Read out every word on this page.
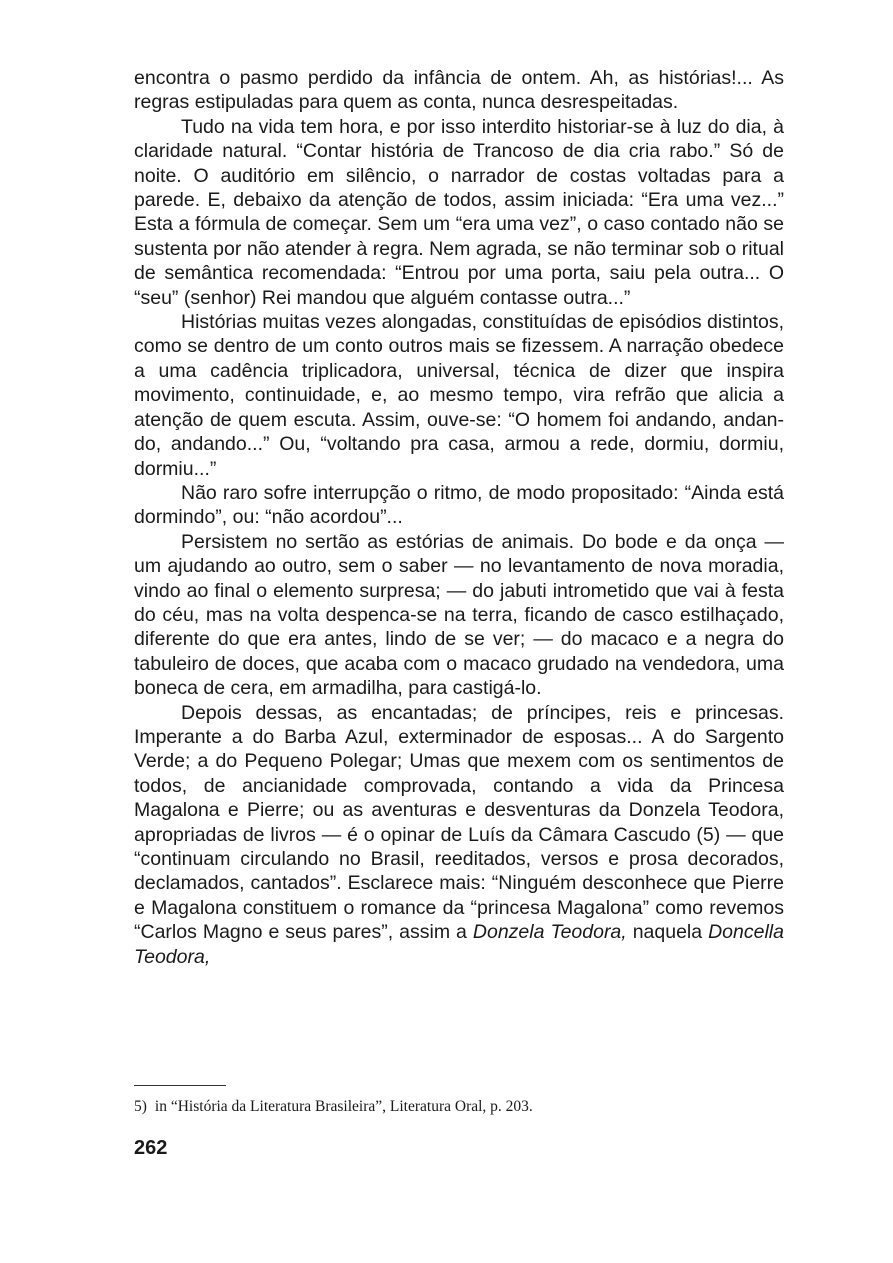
encontra o pasmo perdido da infância de ontem. Ah, as histórias!... As regras estipuladas para quem as conta, nunca desrespeitadas.

Tudo na vida tem hora, e por isso interdito historiar-se à luz do dia, à claridade natural. “Contar história de Trancoso de dia cria rabo.” Só de noite. O auditório em silêncio, o narrador de costas voltadas para a parede. E, debaixo da atenção de todos, assim iniciada: “Era uma vez...” Esta a fórmula de começar. Sem um “era uma vez”, o caso contado não se sustenta por não atender à regra. Nem agrada, se não terminar sob o ritual de semântica recomendada: “Entrou por uma porta, saiu pela outra... O “seu” (senhor) Rei mandou que alguém contasse outra...”

Histórias muitas vezes alongadas, constituídas de episódios distintos, como se dentro de um conto outros mais se fizessem. A narração obedece a uma cadência triplicadora, universal, técnica de dizer que inspira movimento, continuidade, e, ao mesmo tempo, vira refrão que alicia a atenção de quem escuta. Assim, ouve-se: “O homem foi andando, andando, andando...” Ou, “voltando pra casa, armou a rede, dormiu, dormiu, dormiu...”

Não raro sofre interrupção o ritmo, de modo propositado: “Ainda está dormindo”, ou: “não acordou”...

Persistem no sertão as estórias de animais. Do bode e da onça — um ajudando ao outro, sem o saber — no levantamento de nova moradia, vindo ao final o elemento surpresa; — do jabuti intrometido que vai à festa do céu, mas na volta despenca-se na terra, ficando de casco estilhaçado, diferente do que era antes, lindo de se ver; — do macaco e a negra do tabuleiro de doces, que acaba com o macaco grudado na vendedora, uma boneca de cera, em armadilha, para castigá-lo.

Depois dessas, as encantadas; de príncipes, reis e princesas. Imperante a do Barba Azul, exterminador de esposas... A do Sargento Verde; a do Pequeno Polegar; Umas que mexem com os sentimentos de todos, de ancianidade comprovada, contando a vida da Princesa Magalona e Pierre; ou as aventuras e desventuras da Donzela Teodora, apropriadas de livros — é o opinar de Luís da Câmara Cascudo (5) — que “continuam circulando no Brasil, reeditados, versos e prosa decorados, declamados, cantados”. Esclarece mais: “Ninguém desconhece que Pierre e Magalona constituem o romance da “princesa Magalona” como revemos “Carlos Magno e seus pares”, assim a Donzela Teodora, naquela Doncella Teodora,

5) in “História da Literatura Brasileira”, Literatura Oral, p. 203.
262
